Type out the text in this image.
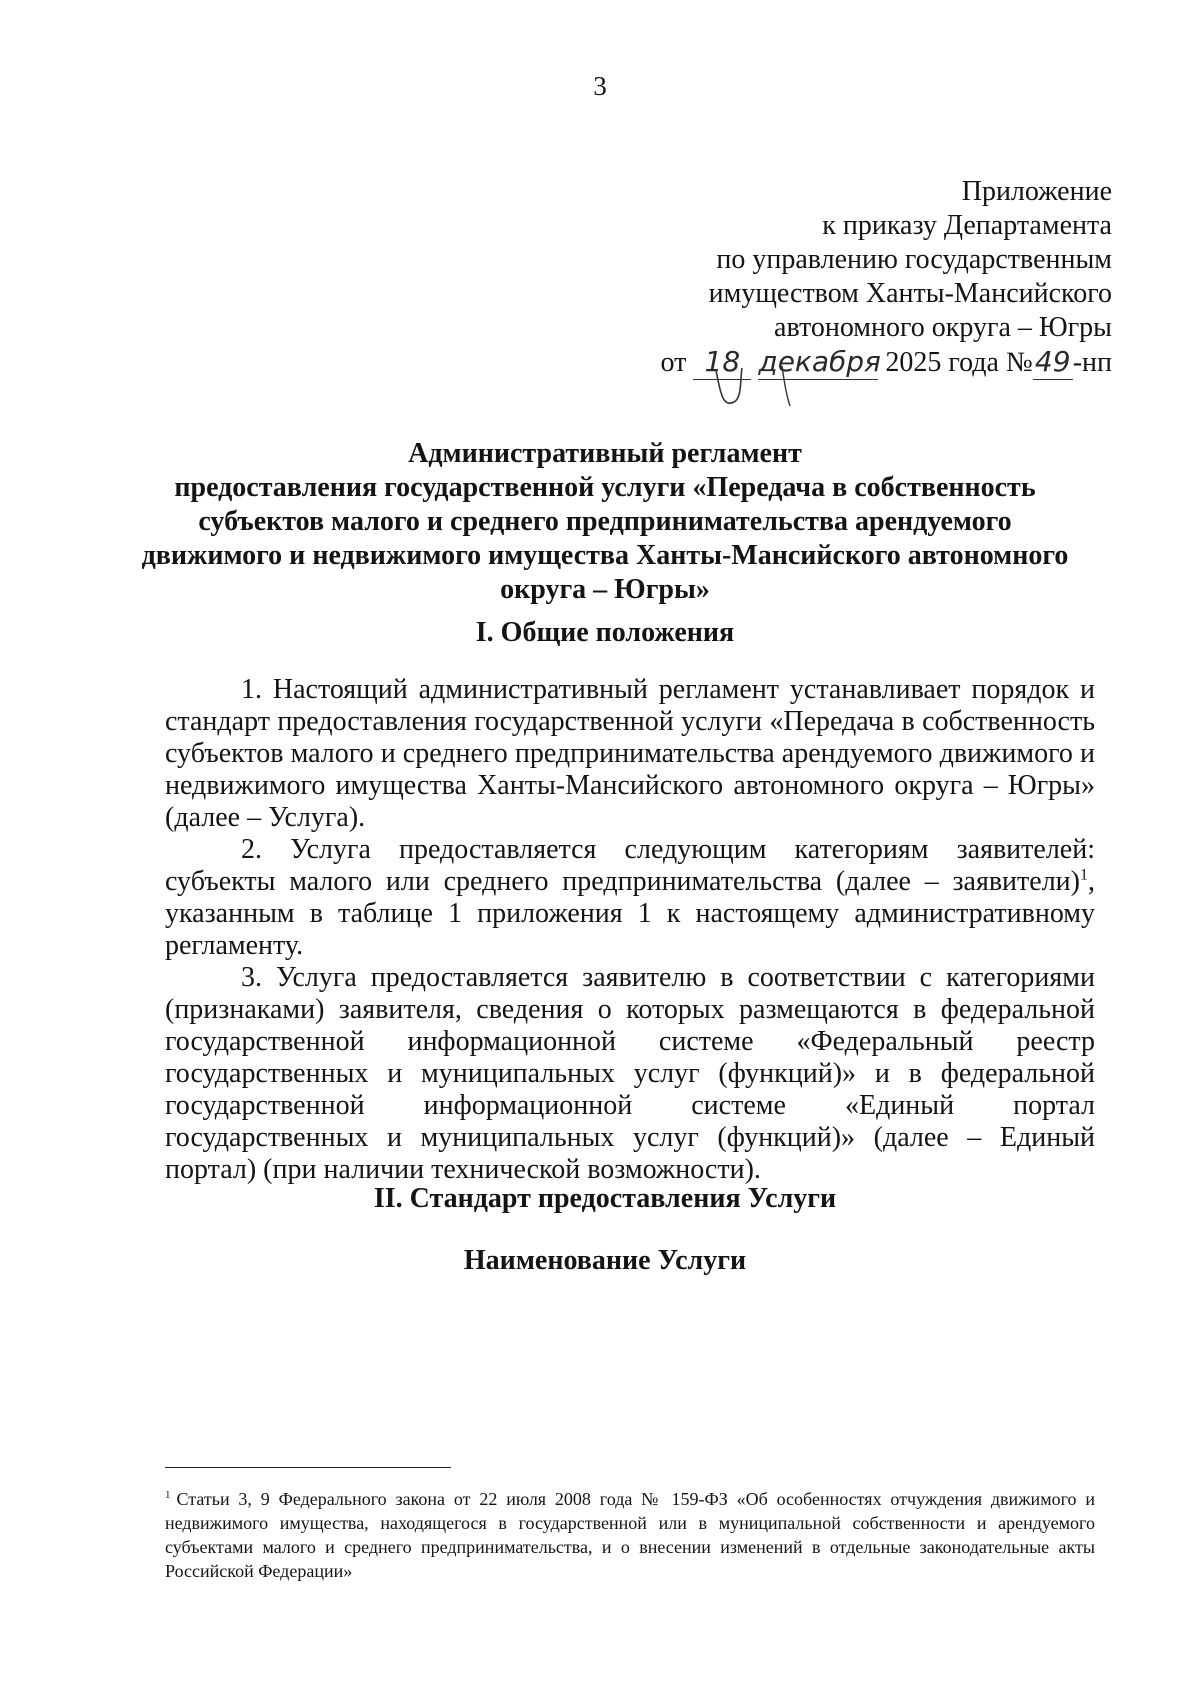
3
Приложение
к приказу Департамента
по управлению государственным
имуществом Ханты-Мансийского
автономного округа – Югры
от 18 декабря 2025 года №49-нп
Административный регламент
предоставления государственной услуги «Передача в собственность
субъектов малого и среднего предпринимательства арендуемого
движимого и недвижимого имущества Ханты-Мансийского автономного
округа – Югры»
I. Общие положения

1. Настоящий административный регламент устанавливает порядок и стандарт предоставления государственной услуги «Передача в собственность субъектов малого и среднего предпринимательства арендуемого движимого и недвижимого имущества Ханты-Мансийского автономного округа – Югры» (далее – Услуга).

2. Услуга предоставляется следующим категориям заявителей: субъекты малого или среднего предпринимательства (далее – заявители)$^1$, указанным в таблице 1 приложения 1 к настоящему административному регламенту.

3. Услуга предоставляется заявителю в соответствии с категориями (признаками) заявителя, сведения о которых размещаются в федеральной государственной информационной системе «Федеральный реестр государственных и муниципальных услуг (функций)» и в федеральной государственной информационной системе «Единый портал государственных и муниципальных услуг (функций)» (далее – Единый портал) (при наличии технической возможности).

II. Стандарт предоставления Услуги
Наименование Услуги
$^1$ Статьи 3, 9 Федерального закона от 22 июля 2008 года № 159-ФЗ «Об особенностях отчуждения движимого и недвижимого имущества, находящегося в государственной или в муниципальной собственности и арендуемого субъектами малого и среднего предпринимательства, и о внесении изменений в отдельные законодательные акты Российской Федерации»
